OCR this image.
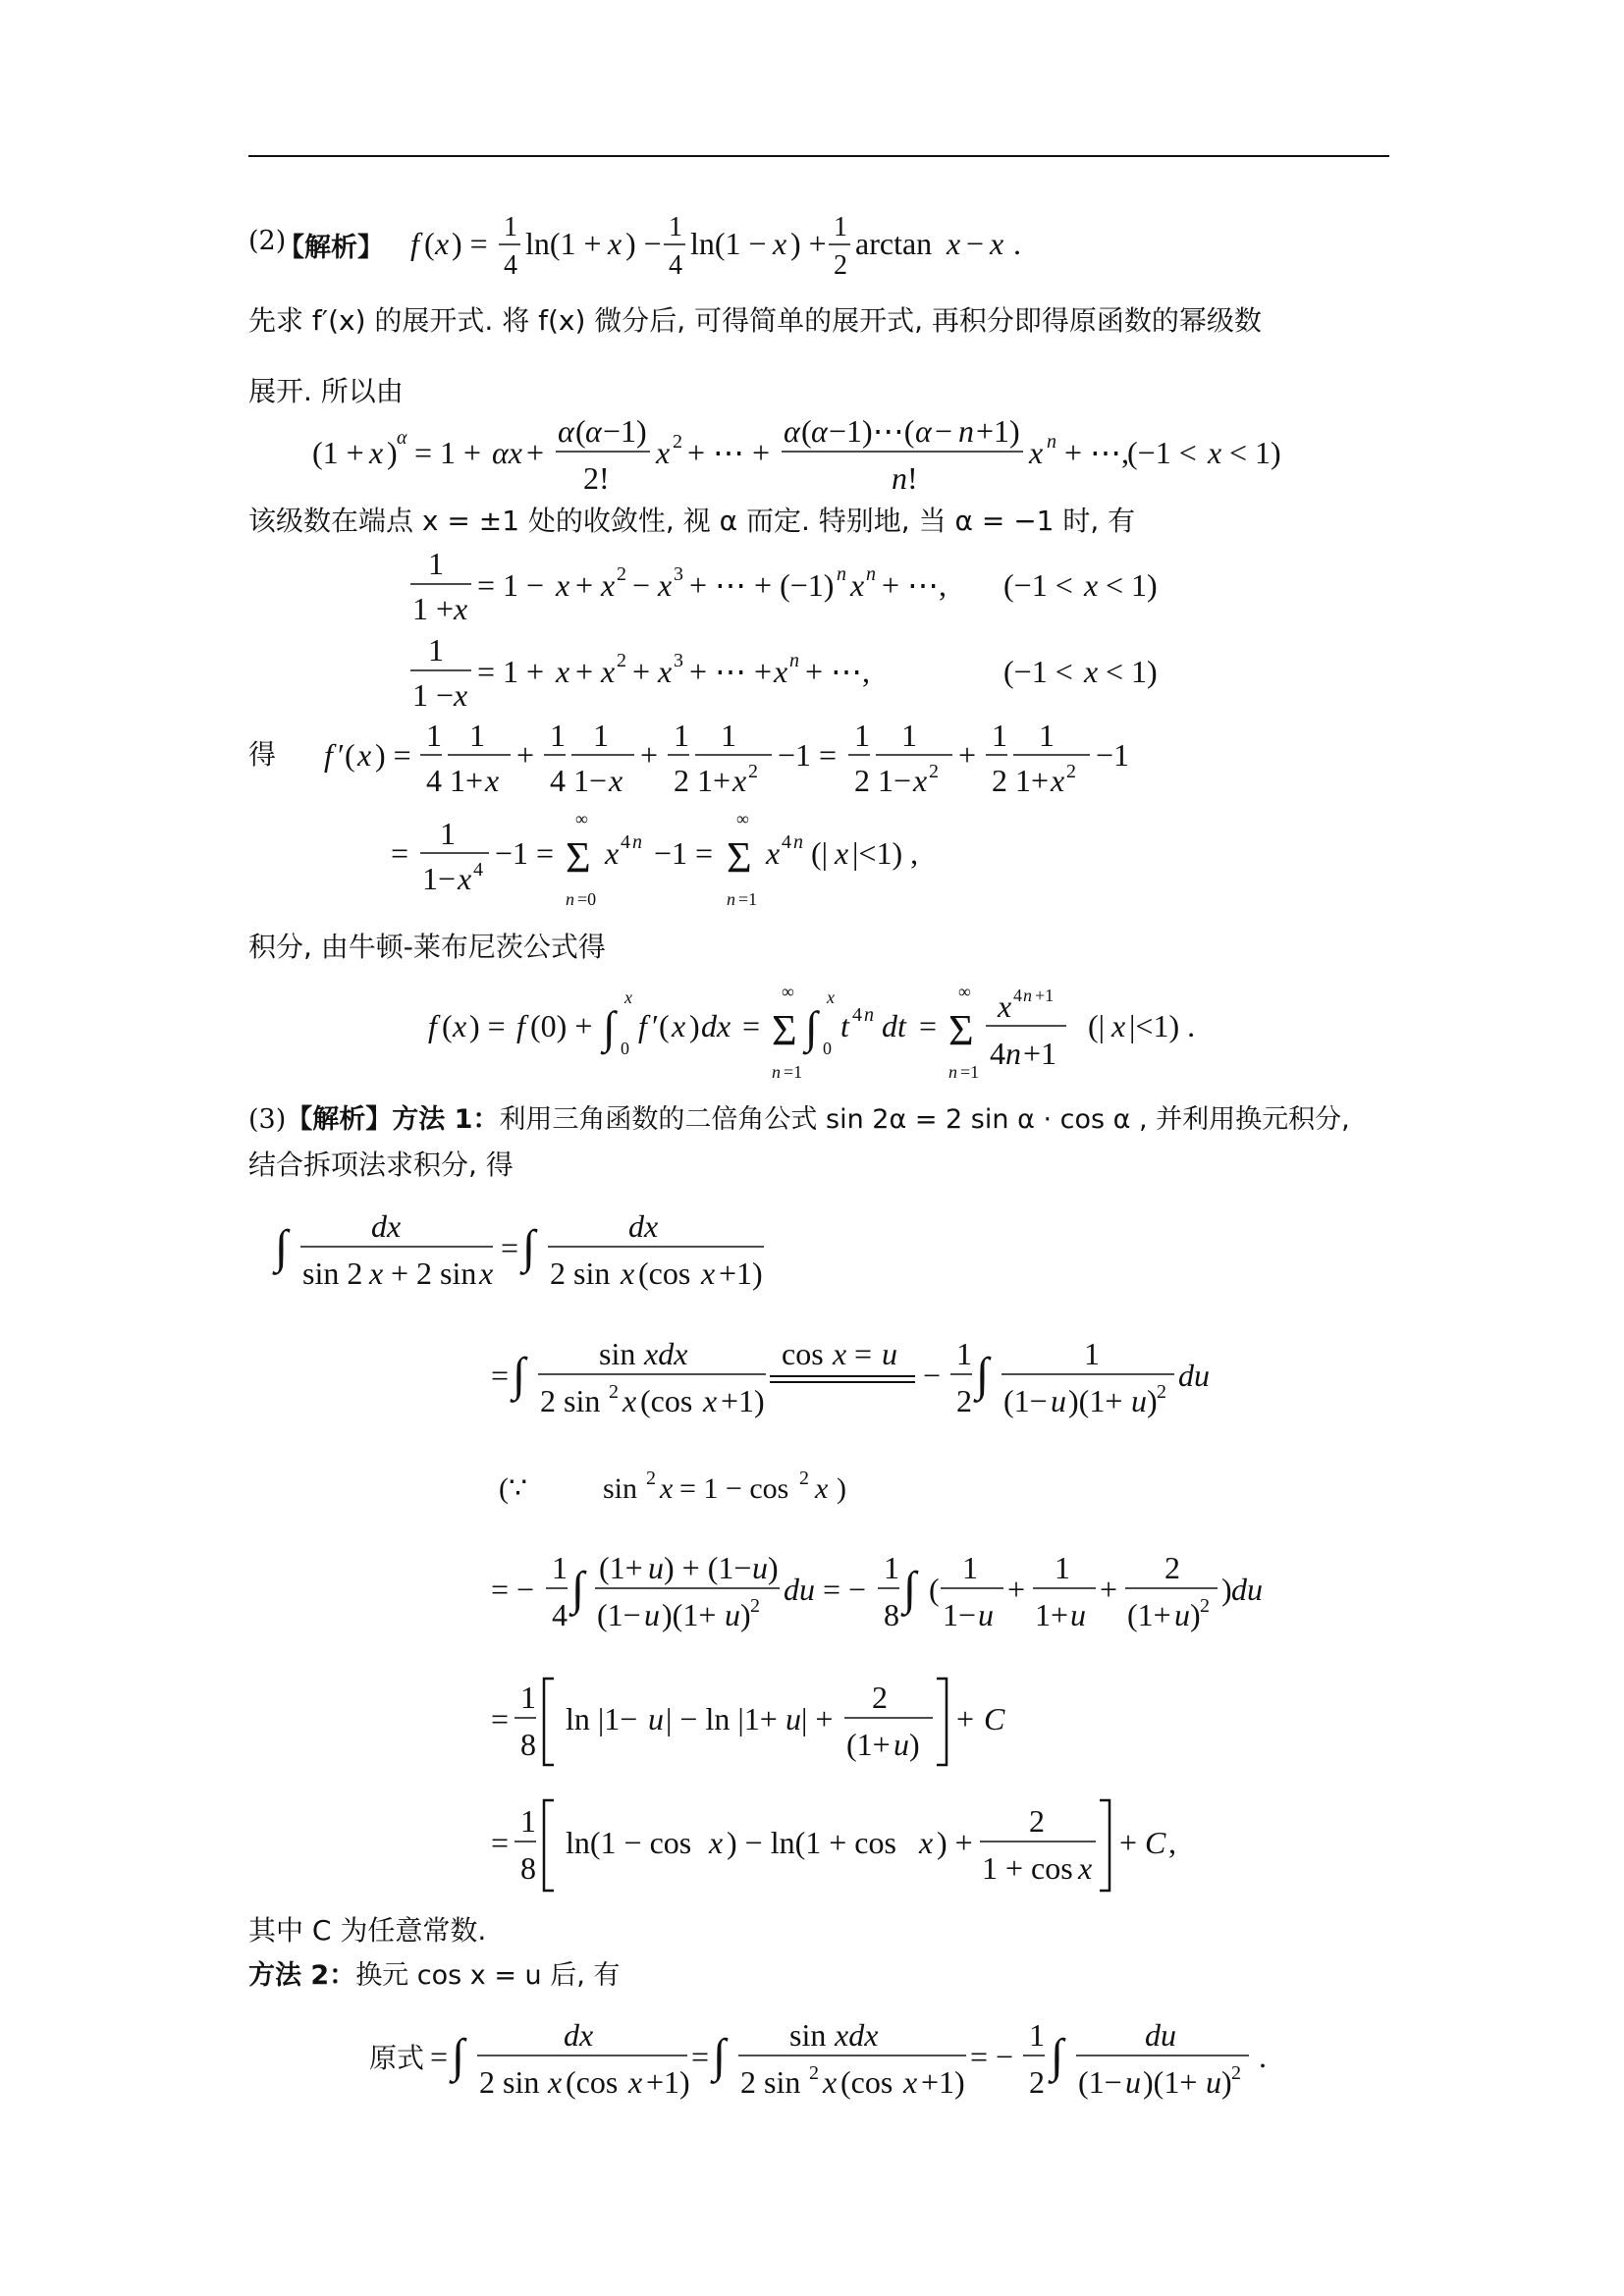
(2)
【解析】 f ( x ) = 1
4
ln(1 + x ) − 1
4
ln(1 − x ) + 1
2
arctan x − x .
先求 f′(x) 的展开式. 将 f(x) 微分后, 可得简单的展开式, 再积分即得原函数的幂级数
展开. 所以由
(1 + x ) α = 1 + αx +
α ( α −1)
2!
x 2 + ⋯ +
α ( α −1)⋯( α − n +1)
n !
x n + ⋯,
(−1 < x < 1)
该级数在端点 x = ±1 处的收敛性, 视 α 而定. 特别地, 当 α = −1 时, 有
1
1 + x
= 1 − x + x 2 − x 3 + ⋯ + (−1) n x n + ⋯, (−1 < x < 1)
1
1 − x
= 1 + x + x 2 + x 3 + ⋯ + x n + ⋯,	(−1 < x < 1)
得 f ′( x ) =
1
4
1
1+ x
+
1
4
1
1− x
+
1
2
1
1+ x 2 −1 =
1
2
1
1− x 2 +
1
2
1
1+ x 2 −1
=
1
1− x 4 −1 =
∞
Σ
n =0
x 4 n −1 =
∞
Σ
n =1
x 4 n (| x |<1) ,
积分, 由牛顿-莱布尼茨公式得
f ( x ) = f (0) + ∫
x
0
f ′( x ) dx =
∞
Σ
n =1
∫
x
0
t 4 n dt =
∞
Σ
n =1
x 4 n +1
4 n +1
(| x |<1) .
(3)【解析】方法 1：利用三角函数的二倍角公式 sin 2α = 2 sin α · cos α , 并利用换元积分,
结合拆项法求积分, 得
∫	dx
sin 2 x + 2 sin x
= ∫	dx
2 sin x (cos x +1)
= ∫ sin xdx
2 sin 2 x (cos x +1)
cos x = u
−
1
2 ∫	1
(1− u )(1+ u ) 2 du
(∵	sin 2 x = 1 − cos 2 x )
= −
1
4 ∫ (1+ u ) + (1− u )
(1− u )(1+ u ) 2 du = −
1
8 ∫ (
1
1− u
+
1
1+ u
+
2
(1+ u ) 2 ) du
=
1
8
ln |1− u | − ln |1+ u | +
2
(1+ u )
+ C
=
1
8
ln(1 − cos x ) − ln(1 + cos x ) +
2
1 + cos x
+ C ,
其中 C 为任意常数.
方法 2：换元 cos x = u 后, 有
原式 = ∫	dx
2 sin x (cos x +1)
= ∫ sin xdx
2 sin 2 x (cos x +1)
= −
1
2 ∫	du
(1− u )(1+ u ) 2 .
